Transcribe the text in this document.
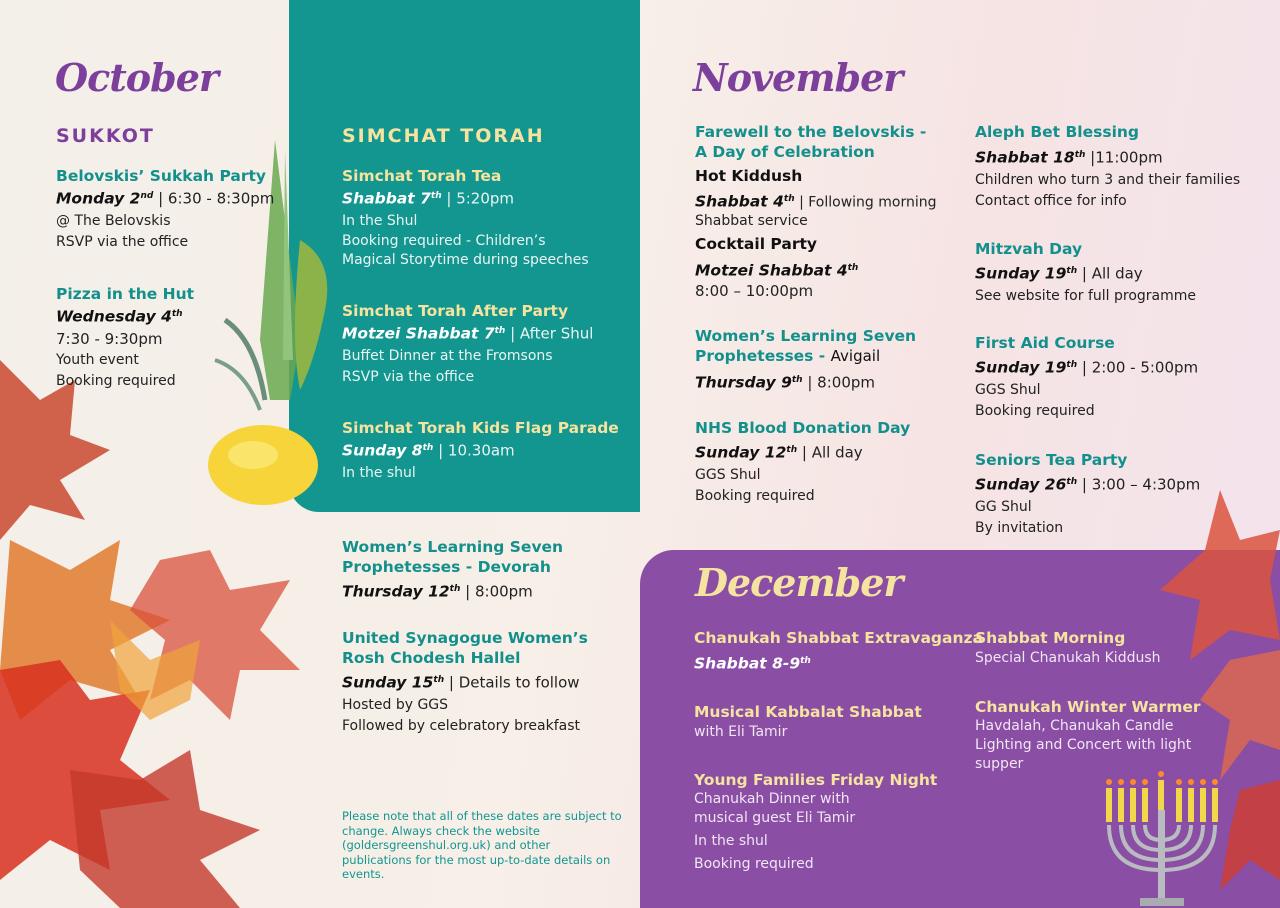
October
SUKKOT
Belovskis’ Sukkah Party
Monday 2nd | 6:30 - 8:30pm
@ The Belovskis
RSVP via the office
Pizza in the Hut
Wednesday 4th
7:30 - 9:30pm
Youth event
Booking required
SIMCHAT TORAH
Simchat Torah Tea
Shabbat 7th | 5:20pm
In the Shul
Booking required - Children’s
Magical Storytime during speeches
Simchat Torah After Party
Motzei Shabbat 7th | After Shul
Buffet Dinner at the Fromsons
RSVP via the office
Simchat Torah Kids Flag Parade
Sunday 8th | 10.30am
In the shul
Women’s Learning Seven
Prophetesses - Devorah
Thursday 12th | 8:00pm
United Synagogue Women’s
Rosh Chodesh Hallel
Sunday 15th | Details to follow
Hosted by GGS
Followed by celebratory breakfast
Please note that all of these dates are subject to change. Always check the website (goldersgreenshul.org.uk) and other publications for the most up-to-date details on events.
November
Farewell to the Belovskis -
A Day of Celebration
Hot Kiddush
Shabbat 4th | Following morning
Shabbat service
Cocktail Party
Motzei Shabbat 4th
8:00 – 10:00pm
Women’s Learning Seven
Prophetesses - Avigail
Thursday 9th | 8:00pm
NHS Blood Donation Day
Sunday 12th | All day
GGS Shul
Booking required
Aleph Bet Blessing
Shabbat 18th |11:00pm
Children who turn 3 and their families
Contact office for info
Mitzvah Day
Sunday 19th | All day
See website for full programme
First Aid Course
Sunday 19th | 2:00 - 5:00pm
GGS Shul
Booking required
Seniors Tea Party
Sunday 26th | 3:00 – 4:30pm
GG Shul
By invitation
December
Chanukah Shabbat Extravaganza
Shabbat 8-9th
Musical Kabbalat Shabbat
with Eli Tamir
Young Families Friday Night
Chanukah Dinner with
musical guest Eli Tamir
In the shul
Booking required
Shabbat Morning
Special Chanukah Kiddush
Chanukah Winter Warmer
Havdalah, Chanukah Candle
Lighting and Concert with light
supper
